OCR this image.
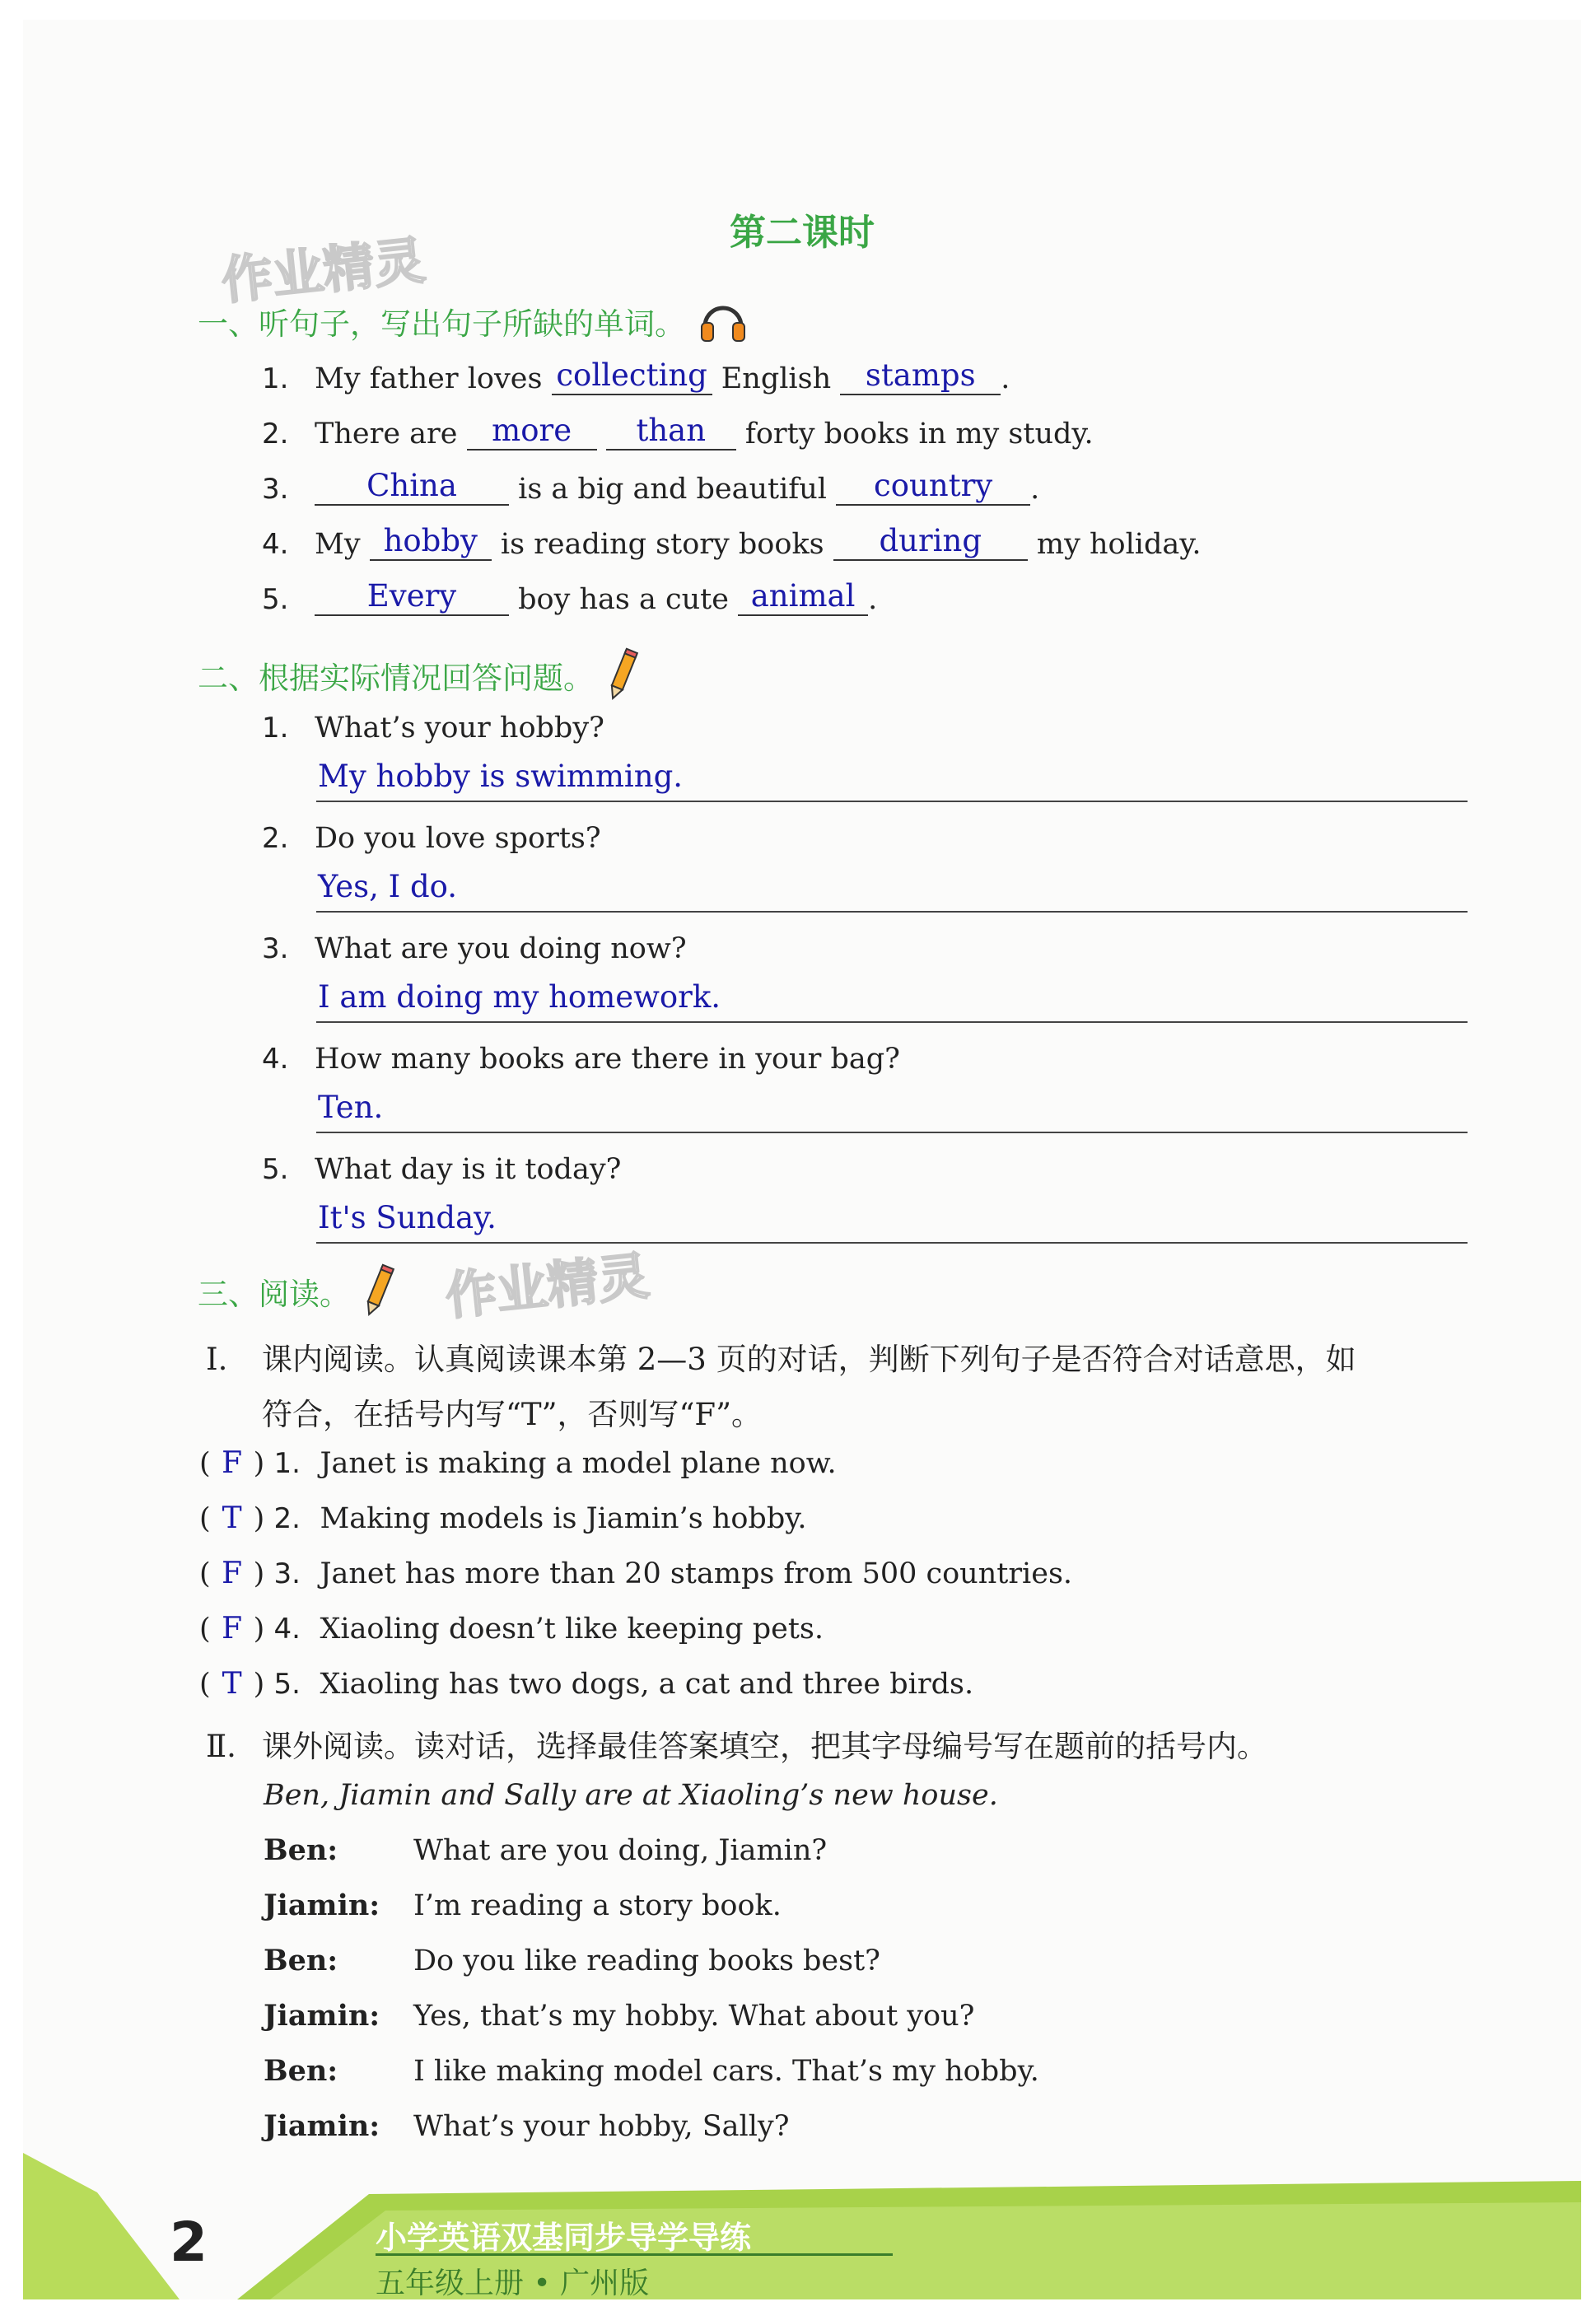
作业精灵
作业精灵
第二课时
一、听句子，写出句子所缺的单词。
1. My father loves collecting English stamps .
2. There are more than forty books in my study.
3.	China is a big and beautiful country .
4. My hobby is reading story books during my holiday.
5.	Every boy has a cute animal .
二、根据实际情况回答问题。
1. What’s your hobby?
My hobby is swimming.
2. Do you love sports?
Yes, I do.
3. What are you doing now?
I am doing my homework.
4. How many books are there in your bag?
Ten.
5. What day is it today?
It's Sunday.
三、阅读。
Ⅰ. 课内阅读。认真阅读课本第 2—3 页的对话，判断下列句子是否符合对话意思，如
符合，在括号内写“T”，否则写“F”。
( F ) 1. Janet is making a model plane now.
( T ) 2. Making models is Jiamin’s hobby.
( F ) 3. Janet has more than 20 stamps from 500 countries.
( F ) 4. Xiaoling doesn’t like keeping pets.
( T ) 5. Xiaoling has two dogs, a cat and three birds.
Ⅱ. 课外阅读。读对话，选择最佳答案填空，把其字母编号写在题前的括号内。
Ben, Jiamin and Sally are at Xiaoling’s new house.
Ben:	What are you doing, Jiamin?
Jiamin: I’m reading a story book.
Ben:	Do you like reading books best?
Jiamin: Yes, that’s my hobby. What about you?
Ben:	I like making model cars. That’s my hobby.
Jiamin: What’s your hobby, Sally?
2	小学英语双基同步导学导练
五年级上册 • 广州版
